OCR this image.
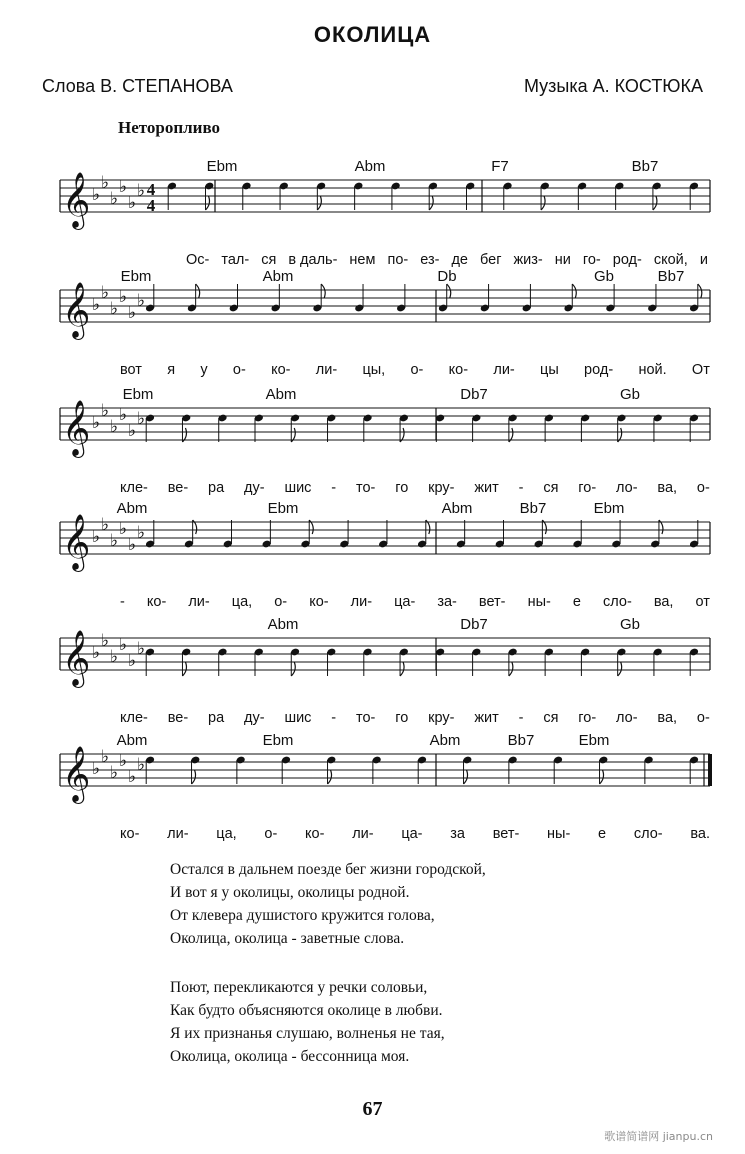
ОКОЛИЦА
Слова В. СТЕПАНОВА	Музыка А. КОСТЮКА
Неторопливо
Ebm	Abm	F7	Bb7
𝄞 ♭
♭
♭
♭
♭
♭ 4
4
Ос- тал- ся в даль- нем по- ез- де бег жиз- ни го- род- ской, и
Ebm	Abm	Db	Gb	Bb7
𝄞 ♭
♭
♭
♭
♭
♭
вот я у о- ко- ли- цы, о- ко- ли- цы род- ной. От
Ebm	Abm	Db7	Gb
𝄞 ♭
♭
♭
♭
♭
♭
кле- ве- ра ду- шис - то- го кру- жит - ся го- ло- ва, о-
Abm	Ebm	Abm	Bb7	Ebm
𝄞 ♭
♭
♭
♭
♭
♭
- ко- ли- ца, о- ко- ли- ца- за- вет- ны- е сло- ва, от
Abm	Db7	Gb
𝄞 ♭
♭
♭
♭
♭
♭
кле- ве- ра ду- шис - то- го кру- жит - ся го- ло- ва, о-
Abm	Ebm	Abm	Bb7	Ebm
𝄞 ♭
♭
♭
♭
♭
♭
ко- ли- ца, о- ко- ли- ца- за вет- ны- е сло- ва.

Остался в дальнем поезде бег жизни городской,

И вот я у околицы, околицы родной.

От клевера душистого кружится голова,

Околица, околица - заветные слова.

Поют, перекликаются у речки соловьи,

Как будто объясняются околице в любви.

Я их признанья слушаю, волненья не тая,

Околица, околица - бессонница моя.

67
歌谱简谱网 jianpu.cn
